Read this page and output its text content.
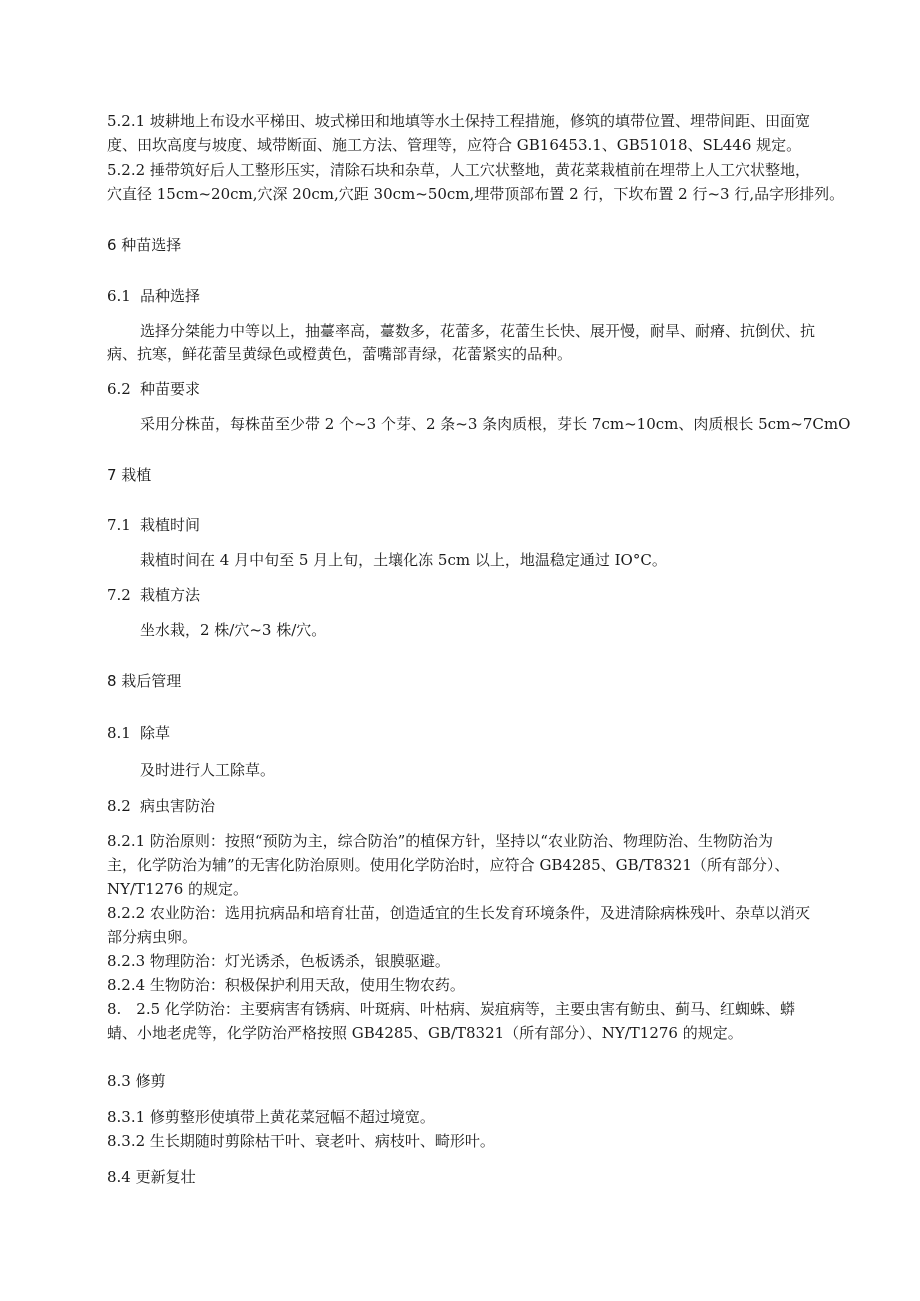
5.2.1 坡耕地上布设水平梯田、坡式梯田和地填等水土保持工程措施，修筑的填带位置、埋带间距、田面宽
度、田坎高度与坡度、域带断面、施工方法、管理等，应符合 GB16453.1、GB51018、SL446 规定。
5.2.2 捶带筑好后人工整形压实，清除石块和杂草，人工穴状整地，黄花菜栽植前在埋带上人工穴状整地，
穴直径 15cm~20cm,穴深 20cm,穴距 30cm~50cm,埋带顶部布置 2 行，下坎布置 2 行~3 行,品字形排列。
6 种苗选择
6.1 品种选择
选择分桀能力中等以上，抽薹率高，薹数多，花蕾多，花蕾生长快、展开慢，耐旱、耐瘠、抗倒伏、抗
病、抗寒，鲜花蕾呈黄绿色或橙黄色，蕾嘴部青绿，花蕾紧实的品种。
6.2 种苗要求
采用分株苗，每株苗至少带 2 个~3 个芽、2 条~3 条肉质根，芽长 7cm~10cm、肉质根长 5cm~7CmO
7 栽植
7.1 栽植时间
栽植时间在 4 月中旬至 5 月上旬，土壤化冻 5cm 以上，地温稳定通过 IO°C。
7.2 栽植方法
坐水栽，2 株/穴~3 株/穴。
8 栽后管理
8.1 除草
及时进行人工除草。
8.2 病虫害防治
8.2.1 防治原则：按照“预防为主，综合防治”的植保方针，坚持以“农业防治、物理防治、生物防治为
主，化学防治为辅”的无害化防治原则。使用化学防治时，应符合 GB4285、GB/T8321（所有部分）、
NY/T1276 的规定。
8.2.2 农业防治：选用抗病品和培育壮苗，创造适宜的生长发育环境条件，及进清除病株残叶、杂草以消灭
部分病虫卵。
8.2.3 物理防治：灯光诱杀，色板诱杀，银膜驱避。
8.2.4 生物防治：积极保护利用天敌，使用生物农药。
8.　2.5 化学防治：主要病害有锈病、叶斑病、叶枯病、炭疽病等，主要虫害有鲂虫、蓟马、红蜘蛛、蟒
蜻、小地老虎等，化学防治严格按照 GB4285、GB/T8321（所有部分）、NY/T1276 的规定。
8.3 修剪
8.3.1 修剪整形使填带上黄花菜冠幅不超过境宽。
8.3.2 生长期随时剪除枯干叶、衰老叶、病枝叶、畸形叶。
8.4 更新复壮
